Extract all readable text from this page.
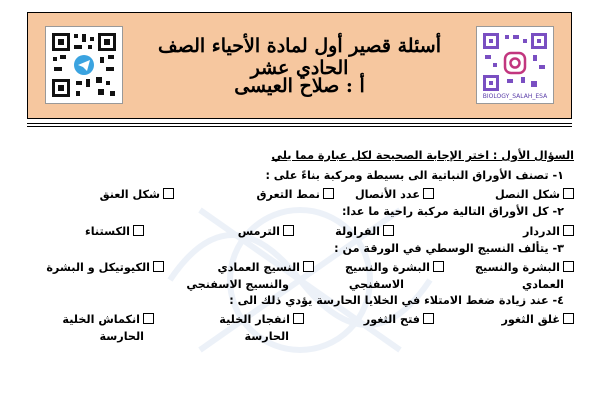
BIOLOGY_SALAH_ESA
أسئلة قصير أول لمادة الأحياء الصف الحادي عشر
أ : صلاح العيسى
السؤال الأول : اختر الإجابة الصحيحة لكل عبارة مما يلي
١- تصنف الأوراق النباتية الى بسيطة ومركبة بناءً على :
شكل النصل
عدد الأنصال
نمط التعرق
شكل العنق
٢- كل الأوراق التالية مركبة راحية ما عدا:
الدردار
الفراولة
الترمس
الكستناء
٣- يتألف النسيج الوسطي في الورقة من :
البشرة والنسيج
البشرة والنسيج
النسيج العمادي
الكيوتيكل و البشرة
العمادي
الاسفنجي
والنسيج الاسفنجي
٤- عند زيادة ضغط الامتلاء في الخلايا الحارسة يؤدي ذلك الى :
غلق الثغور
فتح الثغور
انفجار الخلية
انكماش الخلية
الحارسة
الحارسة
